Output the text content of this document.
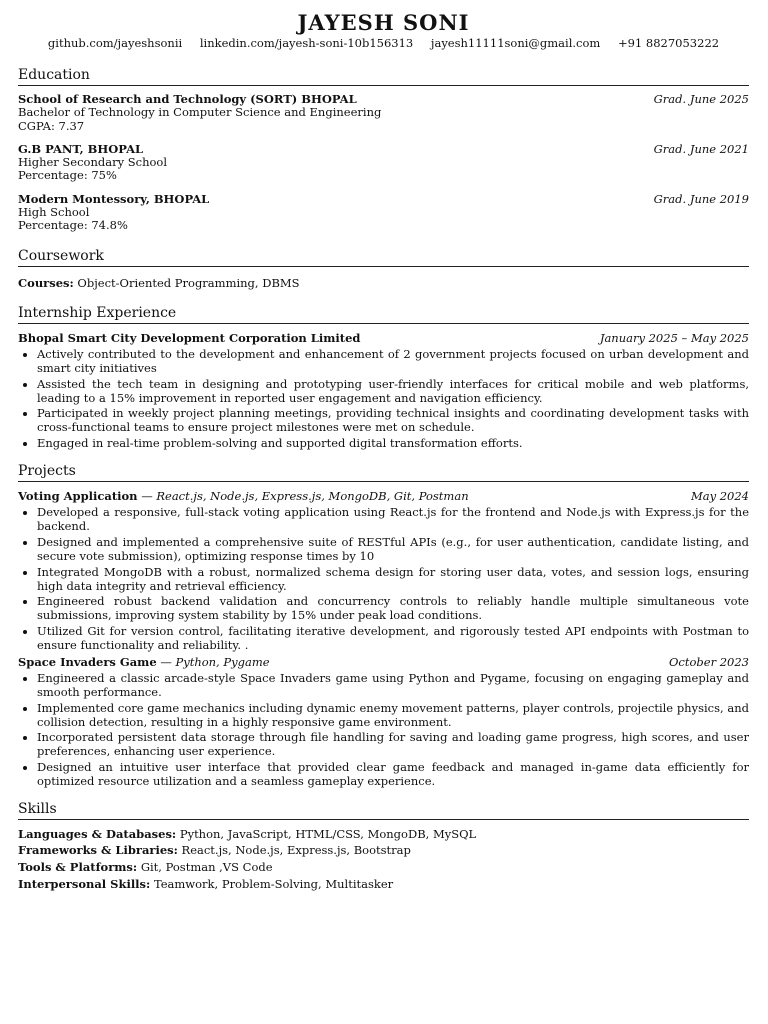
JAYESH SONI
github.com/jayeshsonii linkedin.com/jayesh-soni-10b156313 jayesh11111soni@gmail.com +91 8827053222
Education
School of Research and Technology (SORT) BHOPAL	Grad. June 2025
Bachelor of Technology in Computer Science and Engineering
CGPA: 7.37
G.B PANT, BHOPAL	Grad. June 2021
Higher Secondary School
Percentage: 75%
Modern Montessory, BHOPAL	Grad. June 2019
High School
Percentage: 74.8%
Coursework
Courses: Object-Oriented Programming, DBMS
Internship Experience
Bhopal Smart City Development Corporation Limited	January 2025 – May 2025
• Actively contributed to the development and enhancement of 2 government projects focused on urban development and smart city initiatives
• Assisted the tech team in designing and prototyping user-friendly interfaces for critical mobile and web platforms, leading to a 15% improvement in reported user engagement and navigation efficiency.
• Participated in weekly project planning meetings, providing technical insights and coordinating development tasks with cross-functional teams to ensure project milestones were met on schedule.
• Engaged in real-time problem-solving and supported digital transformation efforts.
Projects
Voting Application — React.js, Node.js, Express.js, MongoDB, Git, Postman	May 2024
• Developed a responsive, full-stack voting application using React.js for the frontend and Node.js with Express.js for the backend.
• Designed and implemented a comprehensive suite of RESTful APIs (e.g., for user authentication, candidate listing, and secure vote submission), optimizing response times by 10
• Integrated MongoDB with a robust, normalized schema design for storing user data, votes, and session logs, ensuring high data integrity and retrieval efficiency.
• Engineered robust backend validation and concurrency controls to reliably handle multiple simultaneous vote submissions, improving system stability by 15% under peak load conditions.
• Utilized Git for version control, facilitating iterative development, and rigorously tested API endpoints with Postman to ensure functionality and reliability. .
Space Invaders Game — Python, Pygame	October 2023
• Engineered a classic arcade-style Space Invaders game using Python and Pygame, focusing on engaging gameplay and smooth performance.
• Implemented core game mechanics including dynamic enemy movement patterns, player controls, projectile physics, and collision detection, resulting in a highly responsive game environment.
• Incorporated persistent data storage through file handling for saving and loading game progress, high scores, and user preferences, enhancing user experience.
• Designed an intuitive user interface that provided clear game feedback and managed in-game data efficiently for optimized resource utilization and a seamless gameplay experience.
Skills
Languages & Databases: Python, JavaScript, HTML/CSS, MongoDB, MySQL
Frameworks & Libraries: React.js, Node.js, Express.js, Bootstrap
Tools & Platforms: Git, Postman ,VS Code
Interpersonal Skills: Teamwork, Problem-Solving, Multitasker
